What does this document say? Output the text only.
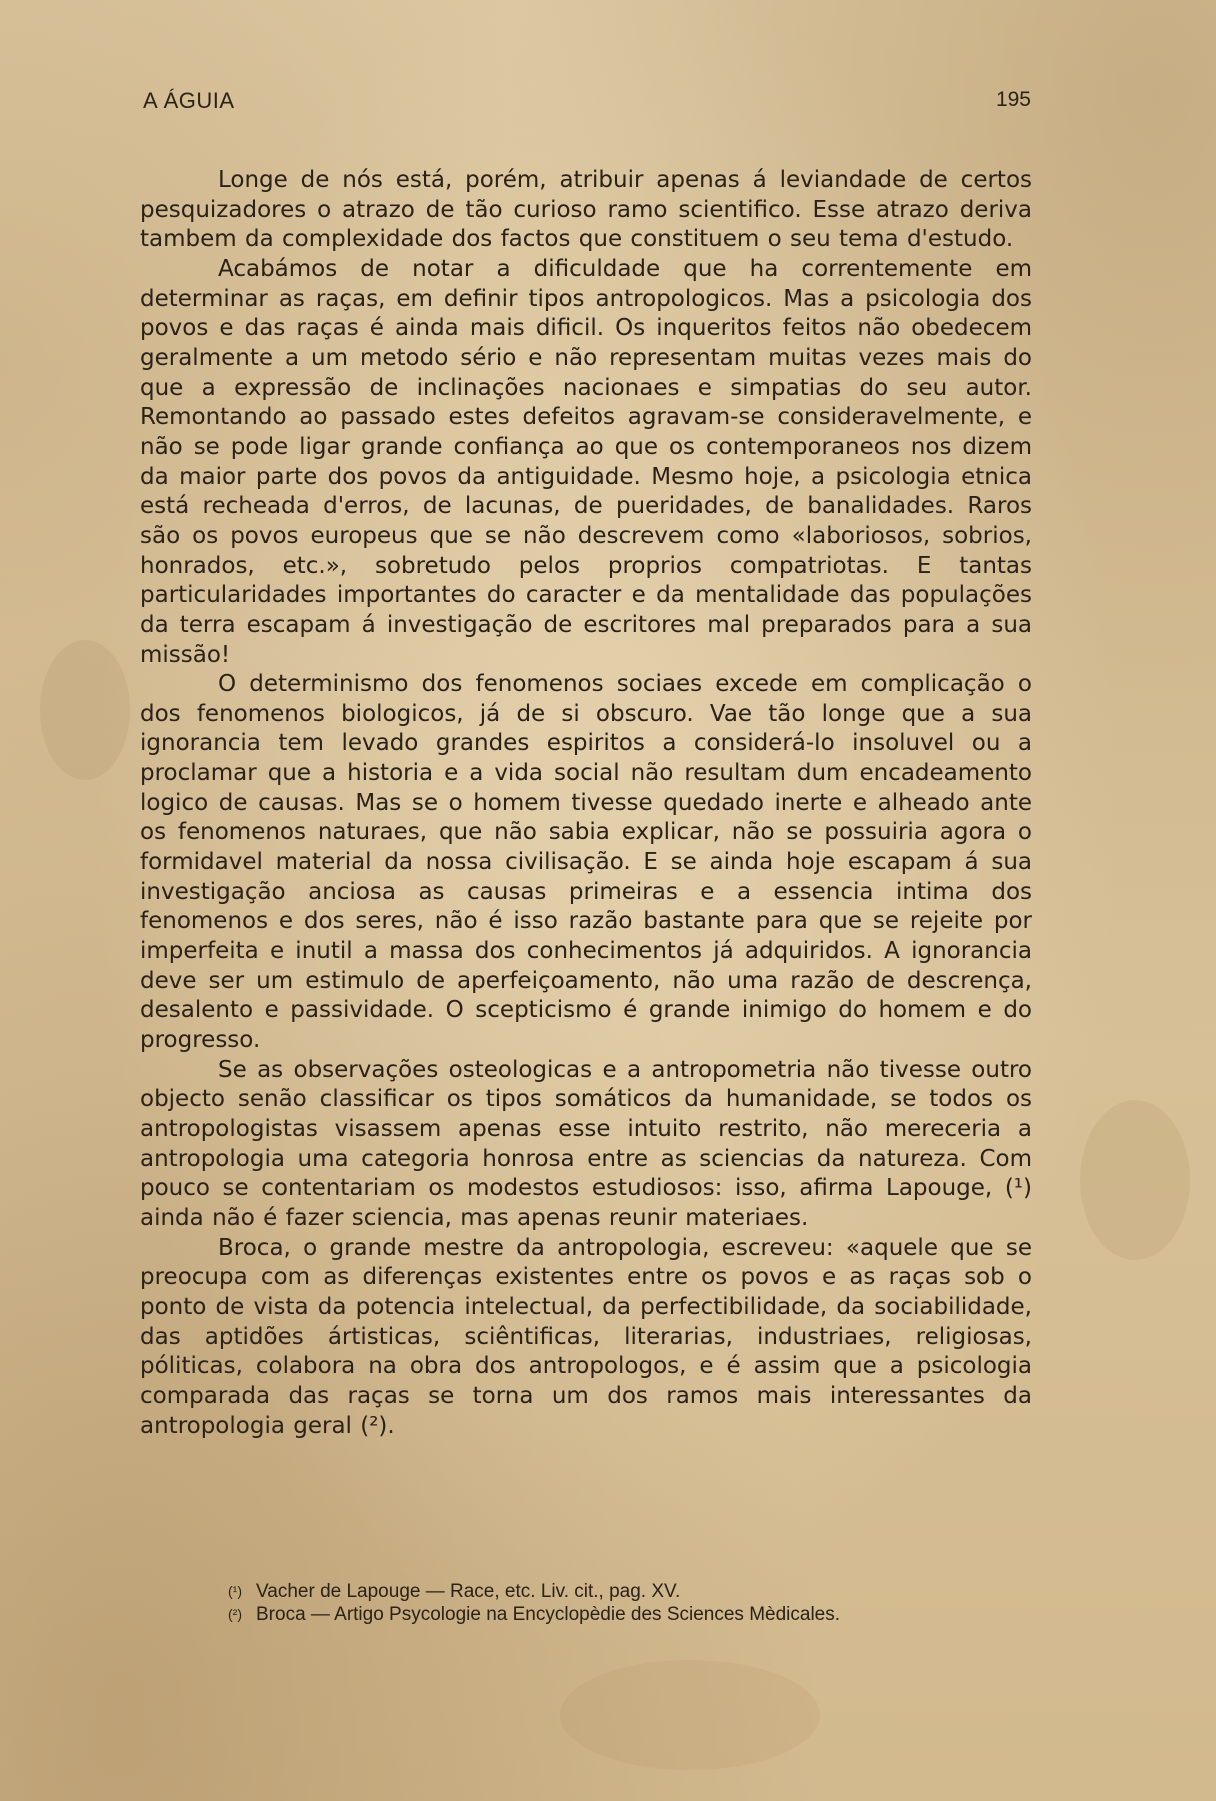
A ÁGUIA	195

Longe de nós está, porém, atribuir apenas á leviandade de certos pesquizadores o atrazo de tão curioso ramo scientifico. Esse atrazo deriva tambem da complexidade dos factos que constituem o seu tema d'estudo.

Acabámos de notar a dificuldade que ha correntemente em determinar as raças, em definir tipos antropologicos. Mas a psicologia dos povos e das raças é ainda mais dificil. Os inqueritos feitos não obedecem geralmente a um metodo sério e não representam muitas vezes mais do que a expressão de inclinações nacionaes e simpatias do seu autor. Remontando ao passado estes defeitos agravam-se consideravelmente, e não se pode ligar grande confiança ao que os contemporaneos nos dizem da maior parte dos povos da antiguidade. Mesmo hoje, a psicologia etnica está recheada d'erros, de lacunas, de pueridades, de banalidades. Raros são os povos europeus que se não descrevem como «laboriosos, sobrios, honrados, etc.», sobretudo pelos proprios compatriotas. E tantas particularidades importantes do caracter e da mentalidade das populações da terra escapam á investigação de escritores mal preparados para a sua missão!

O determinismo dos fenomenos sociaes excede em complicação o dos fenomenos biologicos, já de si obscuro. Vae tão longe que a sua ignorancia tem levado grandes espiritos a considerá-lo insoluvel ou a proclamar que a historia e a vida social não resultam dum encadeamento logico de causas. Mas se o homem tivesse quedado inerte e alheado ante os fenomenos naturaes, que não sabia explicar, não se possuiria agora o formidavel material da nossa civilisação. E se ainda hoje escapam á sua investigação anciosa as causas primeiras e a essencia intima dos fenomenos e dos seres, não é isso razão bastante para que se rejeite por imperfeita e inutil a massa dos conhecimentos já adquiridos. A ignorancia deve ser um estimulo de aperfeiçoamento, não uma razão de descrença, desalento e passividade. O scepticismo é grande inimigo do homem e do progresso.

Se as observações osteologicas e a antropometria não tivesse outro objecto senão classificar os tipos somáticos da humanidade, se todos os antropologistas visassem apenas esse intuito restrito, não mereceria a antropologia uma categoria honrosa entre as sciencias da natureza. Com pouco se contentariam os modestos estudiosos: isso, afirma Lapouge, (¹) ainda não é fazer sciencia, mas apenas reunir materiaes.

Broca, o grande mestre da antropologia, escreveu: «aquele que se preocupa com as diferenças existentes entre os povos e as raças sob o ponto de vista da potencia intelectual, da perfectibilidade, da sociabilidade, das aptidões ártisticas, sciêntificas, literarias, industriaes, religiosas, póliticas, colabora na obra dos antropologos, e é assim que a psicologia comparada das raças se torna um dos ramos mais interessantes da antropologia geral (²).

(¹) Vacher de Lapouge — Race, etc. Liv. cit., pag. XV.
(²) Broca — Artigo Psycologie na Encyclopèdie des Sciences Mèdicales.
